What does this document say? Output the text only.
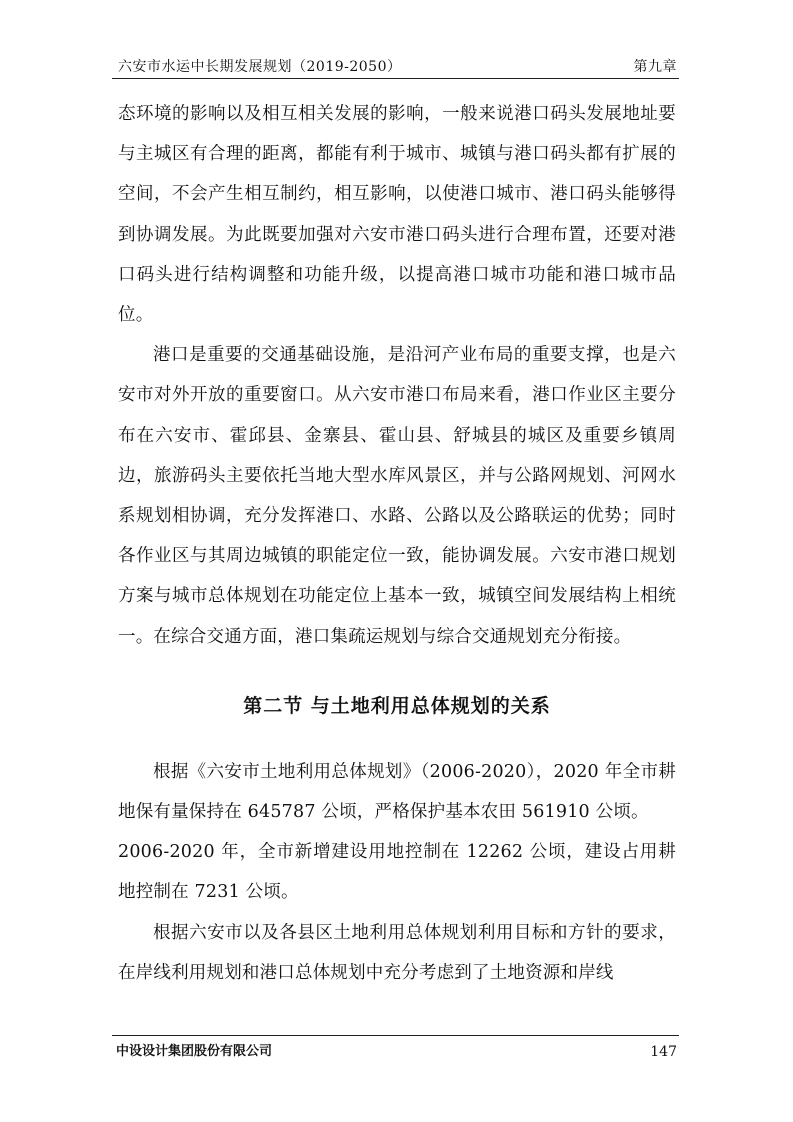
六安市水运中长期发展规划（2019-2050）	第九章

态环境的影响以及相互相关发展的影响，一般来说港口码头发展地址要与主城区有合理的距离，都能有利于城市、城镇与港口码头都有扩展的空间，不会产生相互制约，相互影响，以使港口城市、港口码头能够得到协调发展。为此既要加强对六安市港口码头进行合理布置，还要对港口码头进行结构调整和功能升级，以提高港口城市功能和港口城市品位。

港口是重要的交通基础设施，是沿河产业布局的重要支撑，也是六安市对外开放的重要窗口。从六安市港口布局来看，港口作业区主要分布在六安市、霍邱县、金寨县、霍山县、舒城县的城区及重要乡镇周边，旅游码头主要依托当地大型水库风景区，并与公路网规划、河网水系规划相协调，充分发挥港口、水路、公路以及公路联运的优势；同时各作业区与其周边城镇的职能定位一致，能协调发展。六安市港口规划方案与城市总体规划在功能定位上基本一致，城镇空间发展结构上相统一。在综合交通方面，港口集疏运规划与综合交通规划充分衔接。

第二节 与土地利用总体规划的关系

根据《六安市土地利用总体规划》（2006-2020），2020 年全市耕地保有量保持在 645787 公顷，严格保护基本农田 561910 公顷。

2006-2020 年，全市新增建设用地控制在 12262 公顷，建设占用耕地控制在 7231 公顷。

根据六安市以及各县区土地利用总体规划利用目标和方针的要求，在岸线利用规划和港口总体规划中充分考虑到了土地资源和岸线

中设设计集团股份有限公司	147
